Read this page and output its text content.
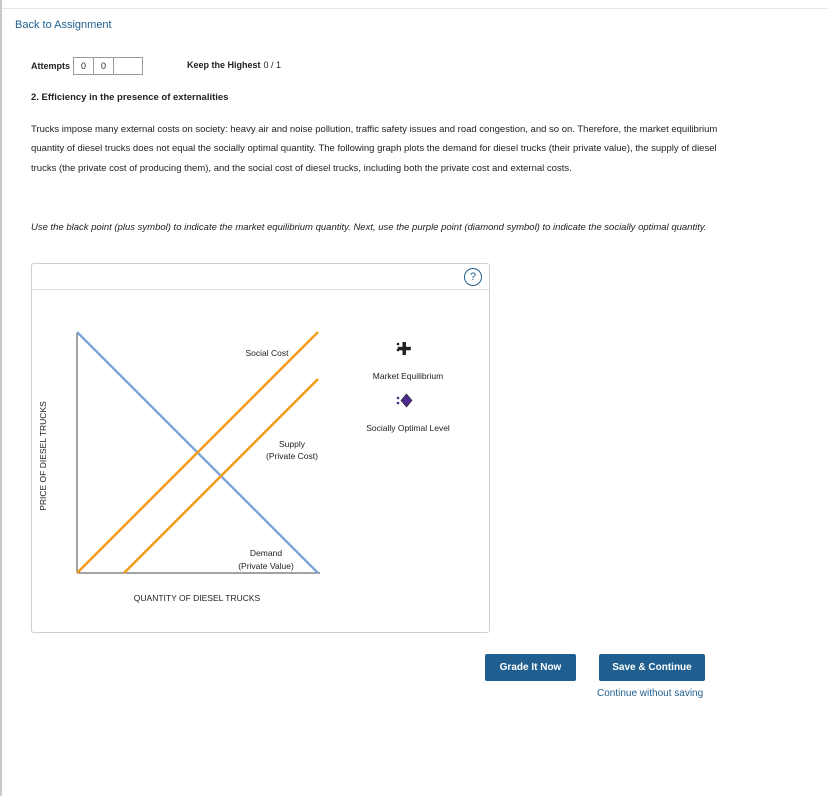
Back to Assignment
Attempts	0	0	Keep the Highest 0 / 1
2. Efficiency in the presence of externalities

Trucks impose many external costs on society: heavy air and noise pollution, traffic safety issues and road congestion, and so on. Therefore, the market equilibrium quantity of diesel trucks does not equal the socially optimal quantity. The following graph plots the demand for diesel trucks (their private value), the supply of diesel trucks (the private cost of producing them), and the social cost of diesel trucks, including both the private cost and external costs.

Use the black point (plus symbol) to indicate the market equilibrium quantity. Next, use the purple point (diamond symbol) to indicate the socially optimal quantity.

?
Social Cost
Supply
(Private Cost)
Demand
(Private Value)
PRICE OF DIESEL TRUCKS
QUANTITY OF DIESEL TRUCKS
Market Equilibrium
Socially Optimal Level
Grade It Now	Save & Continue
Continue without saving
